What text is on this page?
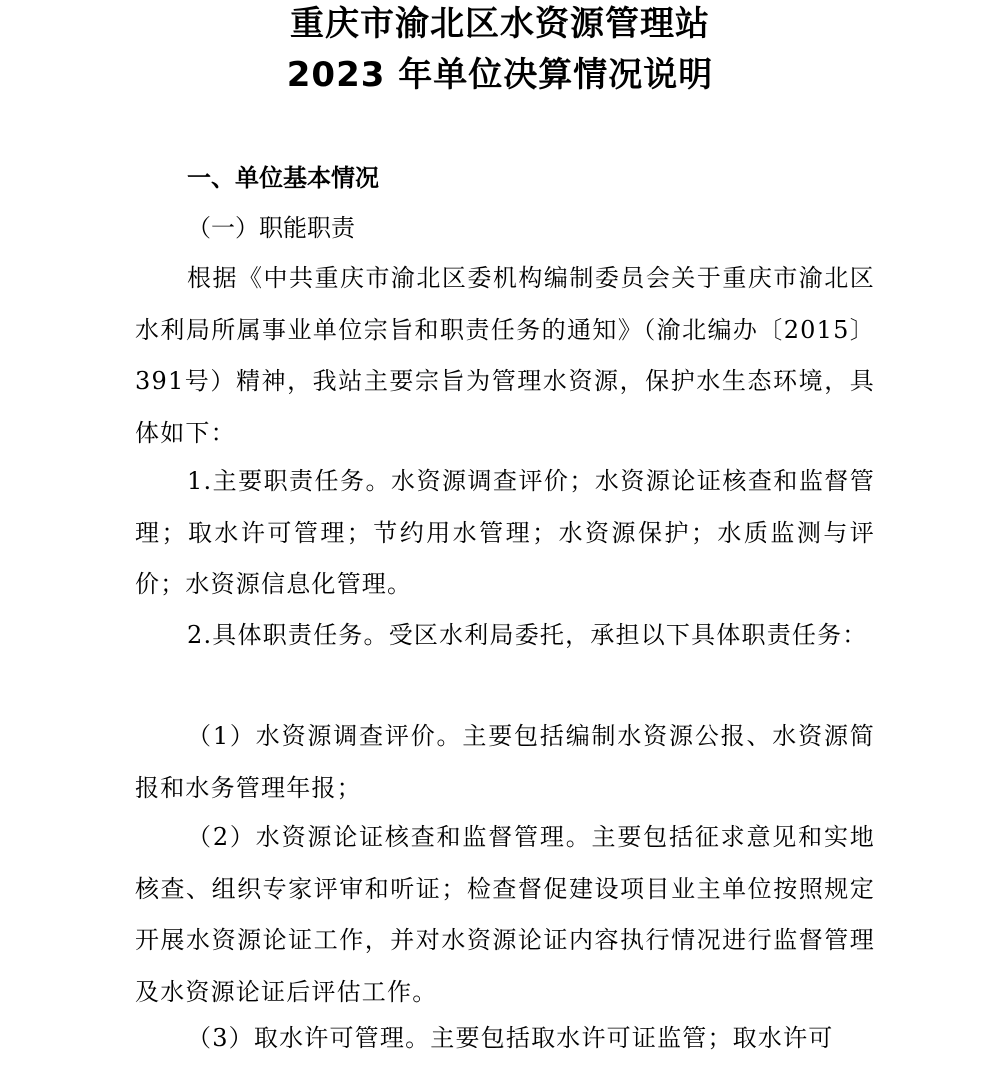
重庆市渝北区水资源管理站
2023 年单位决算情况说明
一、单位基本情况
（一）职能职责

根据《中共重庆市渝北区委机构编制委员会关于重庆市渝北区水利局所属事业单位宗旨和职责任务的通知》（渝北编办〔2015〕391号）精神，我站主要宗旨为管理水资源，保护水生态环境，具体如下：

1.主要职责任务。水资源调查评价；水资源论证核查和监督管理；取水许可管理；节约用水管理；水资源保护；水质监测与评价；水资源信息化管理。

2.具体职责任务。受区水利局委托，承担以下具体职责任务：

（1）水资源调查评价。主要包括编制水资源公报、水资源简报和水务管理年报；

（2）水资源论证核查和监督管理。主要包括征求意见和实地核查、组织专家评审和听证；检查督促建设项目业主单位按照规定开展水资源论证工作，并对水资源论证内容执行情况进行监督管理及水资源论证后评估工作。

（3）取水许可管理。主要包括取水许可证监管；取水许可
